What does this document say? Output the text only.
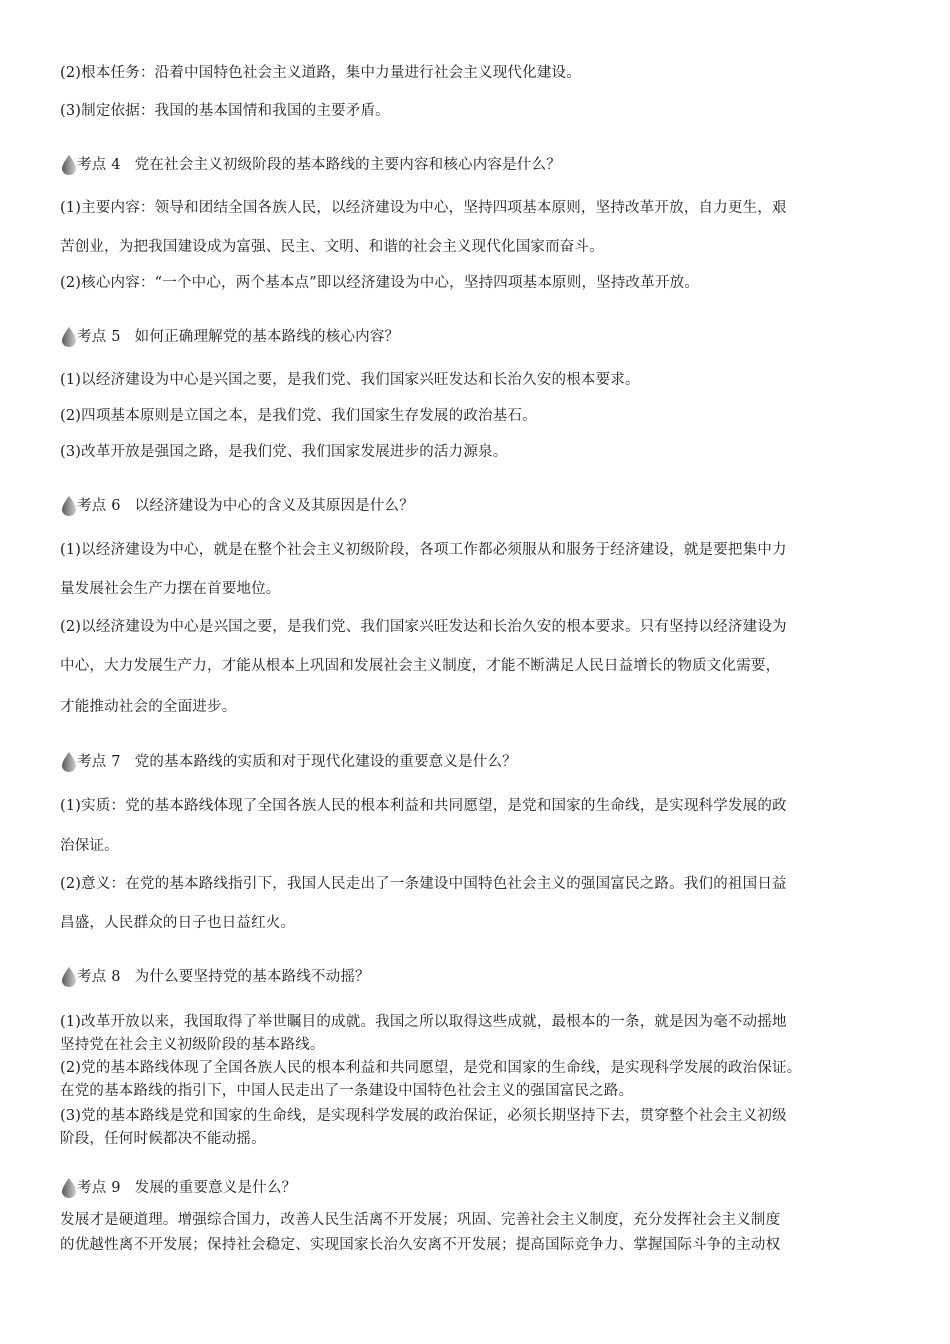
(2)根本任务：沿着中国特色社会主义道路，集中力量进行社会主义现代化建设。
(3)制定依据：我国的基本国情和我国的主要矛盾。
考点 4 党在社会主义初级阶段的基本路线的主要内容和核心内容是什么？
(1)主要内容：领导和团结全国各族人民，以经济建设为中心，坚持四项基本原则，坚持改革开放，自力更生，艰
苦创业，为把我国建设成为富强、民主、文明、和谐的社会主义现代化国家而奋斗。
(2)核心内容：“一个中心，两个基本点”即以经济建设为中心，坚持四项基本原则，坚持改革开放。
考点 5 如何正确理解党的基本路线的核心内容？
(1)以经济建设为中心是兴国之要，是我们党、我们国家兴旺发达和长治久安的根本要求。
(2)四项基本原则是立国之本，是我们党、我们国家生存发展的政治基石。
(3)改革开放是强国之路，是我们党、我们国家发展进步的活力源泉。
考点 6 以经济建设为中心的含义及其原因是什么？
(1)以经济建设为中心，就是在整个社会主义初级阶段，各项工作都必须服从和服务于经济建设，就是要把集中力
量发展社会生产力摆在首要地位。
(2)以经济建设为中心是兴国之要，是我们党、我们国家兴旺发达和长治久安的根本要求。只有坚持以经济建设为
中心，大力发展生产力，才能从根本上巩固和发展社会主义制度，才能不断满足人民日益增长的物质文化需要，
才能推动社会的全面进步。
考点 7 党的基本路线的实质和对于现代化建设的重要意义是什么？
(1)实质：党的基本路线体现了全国各族人民的根本利益和共同愿望，是党和国家的生命线，是实现科学发展的政
治保证。
(2)意义：在党的基本路线指引下，我国人民走出了一条建设中国特色社会主义的强国富民之路。我们的祖国日益
昌盛，人民群众的日子也日益红火。
考点 8 为什么要坚持党的基本路线不动摇？
(1)改革开放以来，我国取得了举世瞩目的成就。我国之所以取得这些成就，最根本的一条，就是因为毫不动摇地
坚持党在社会主义初级阶段的基本路线。
(2)党的基本路线体现了全国各族人民的根本利益和共同愿望，是党和国家的生命线，是实现科学发展的政治保证。
在党的基本路线的指引下，中国人民走出了一条建设中国特色社会主义的强国富民之路。
(3)党的基本路线是党和国家的生命线，是实现科学发展的政治保证，必须长期坚持下去，贯穿整个社会主义初级
阶段，任何时候都决不能动摇。
考点 9 发展的重要意义是什么？
发展才是硬道理。增强综合国力，改善人民生活离不开发展；巩固、完善社会主义制度，充分发挥社会主义制度
的优越性离不开发展；保持社会稳定、实现国家长治久安离不开发展；提高国际竞争力、掌握国际斗争的主动权
